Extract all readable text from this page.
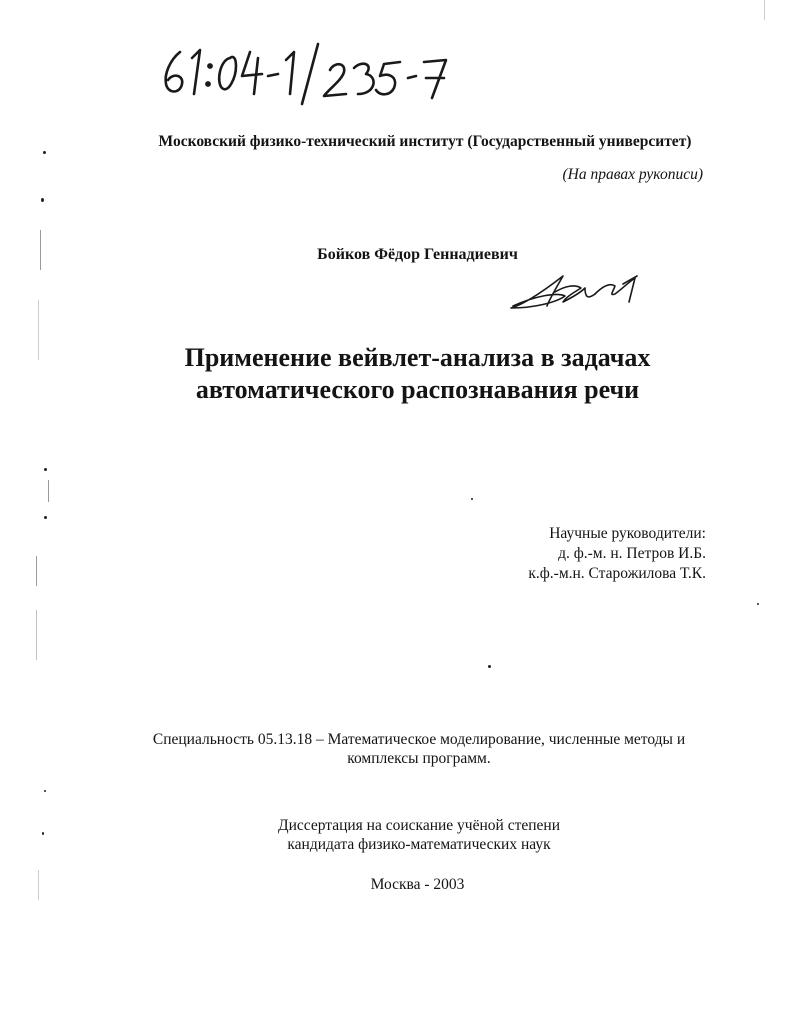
Московский физико-технический институт (Государственный университет)
(На правах рукописи)
Бойков Фёдор Геннадиевич
Применение вейвлет-анализа в задачах
автоматического распознавания речи
Научные руководители:
д. ф.-м. н. Петров И.Б.
к.ф.-м.н. Старожилова Т.К.
Специальность 05.13.18 – Математическое моделирование, численные методы и
комплексы программ.
Диссертация на соискание учёной степени
кандидата физико-математических наук
Москва - 2003
